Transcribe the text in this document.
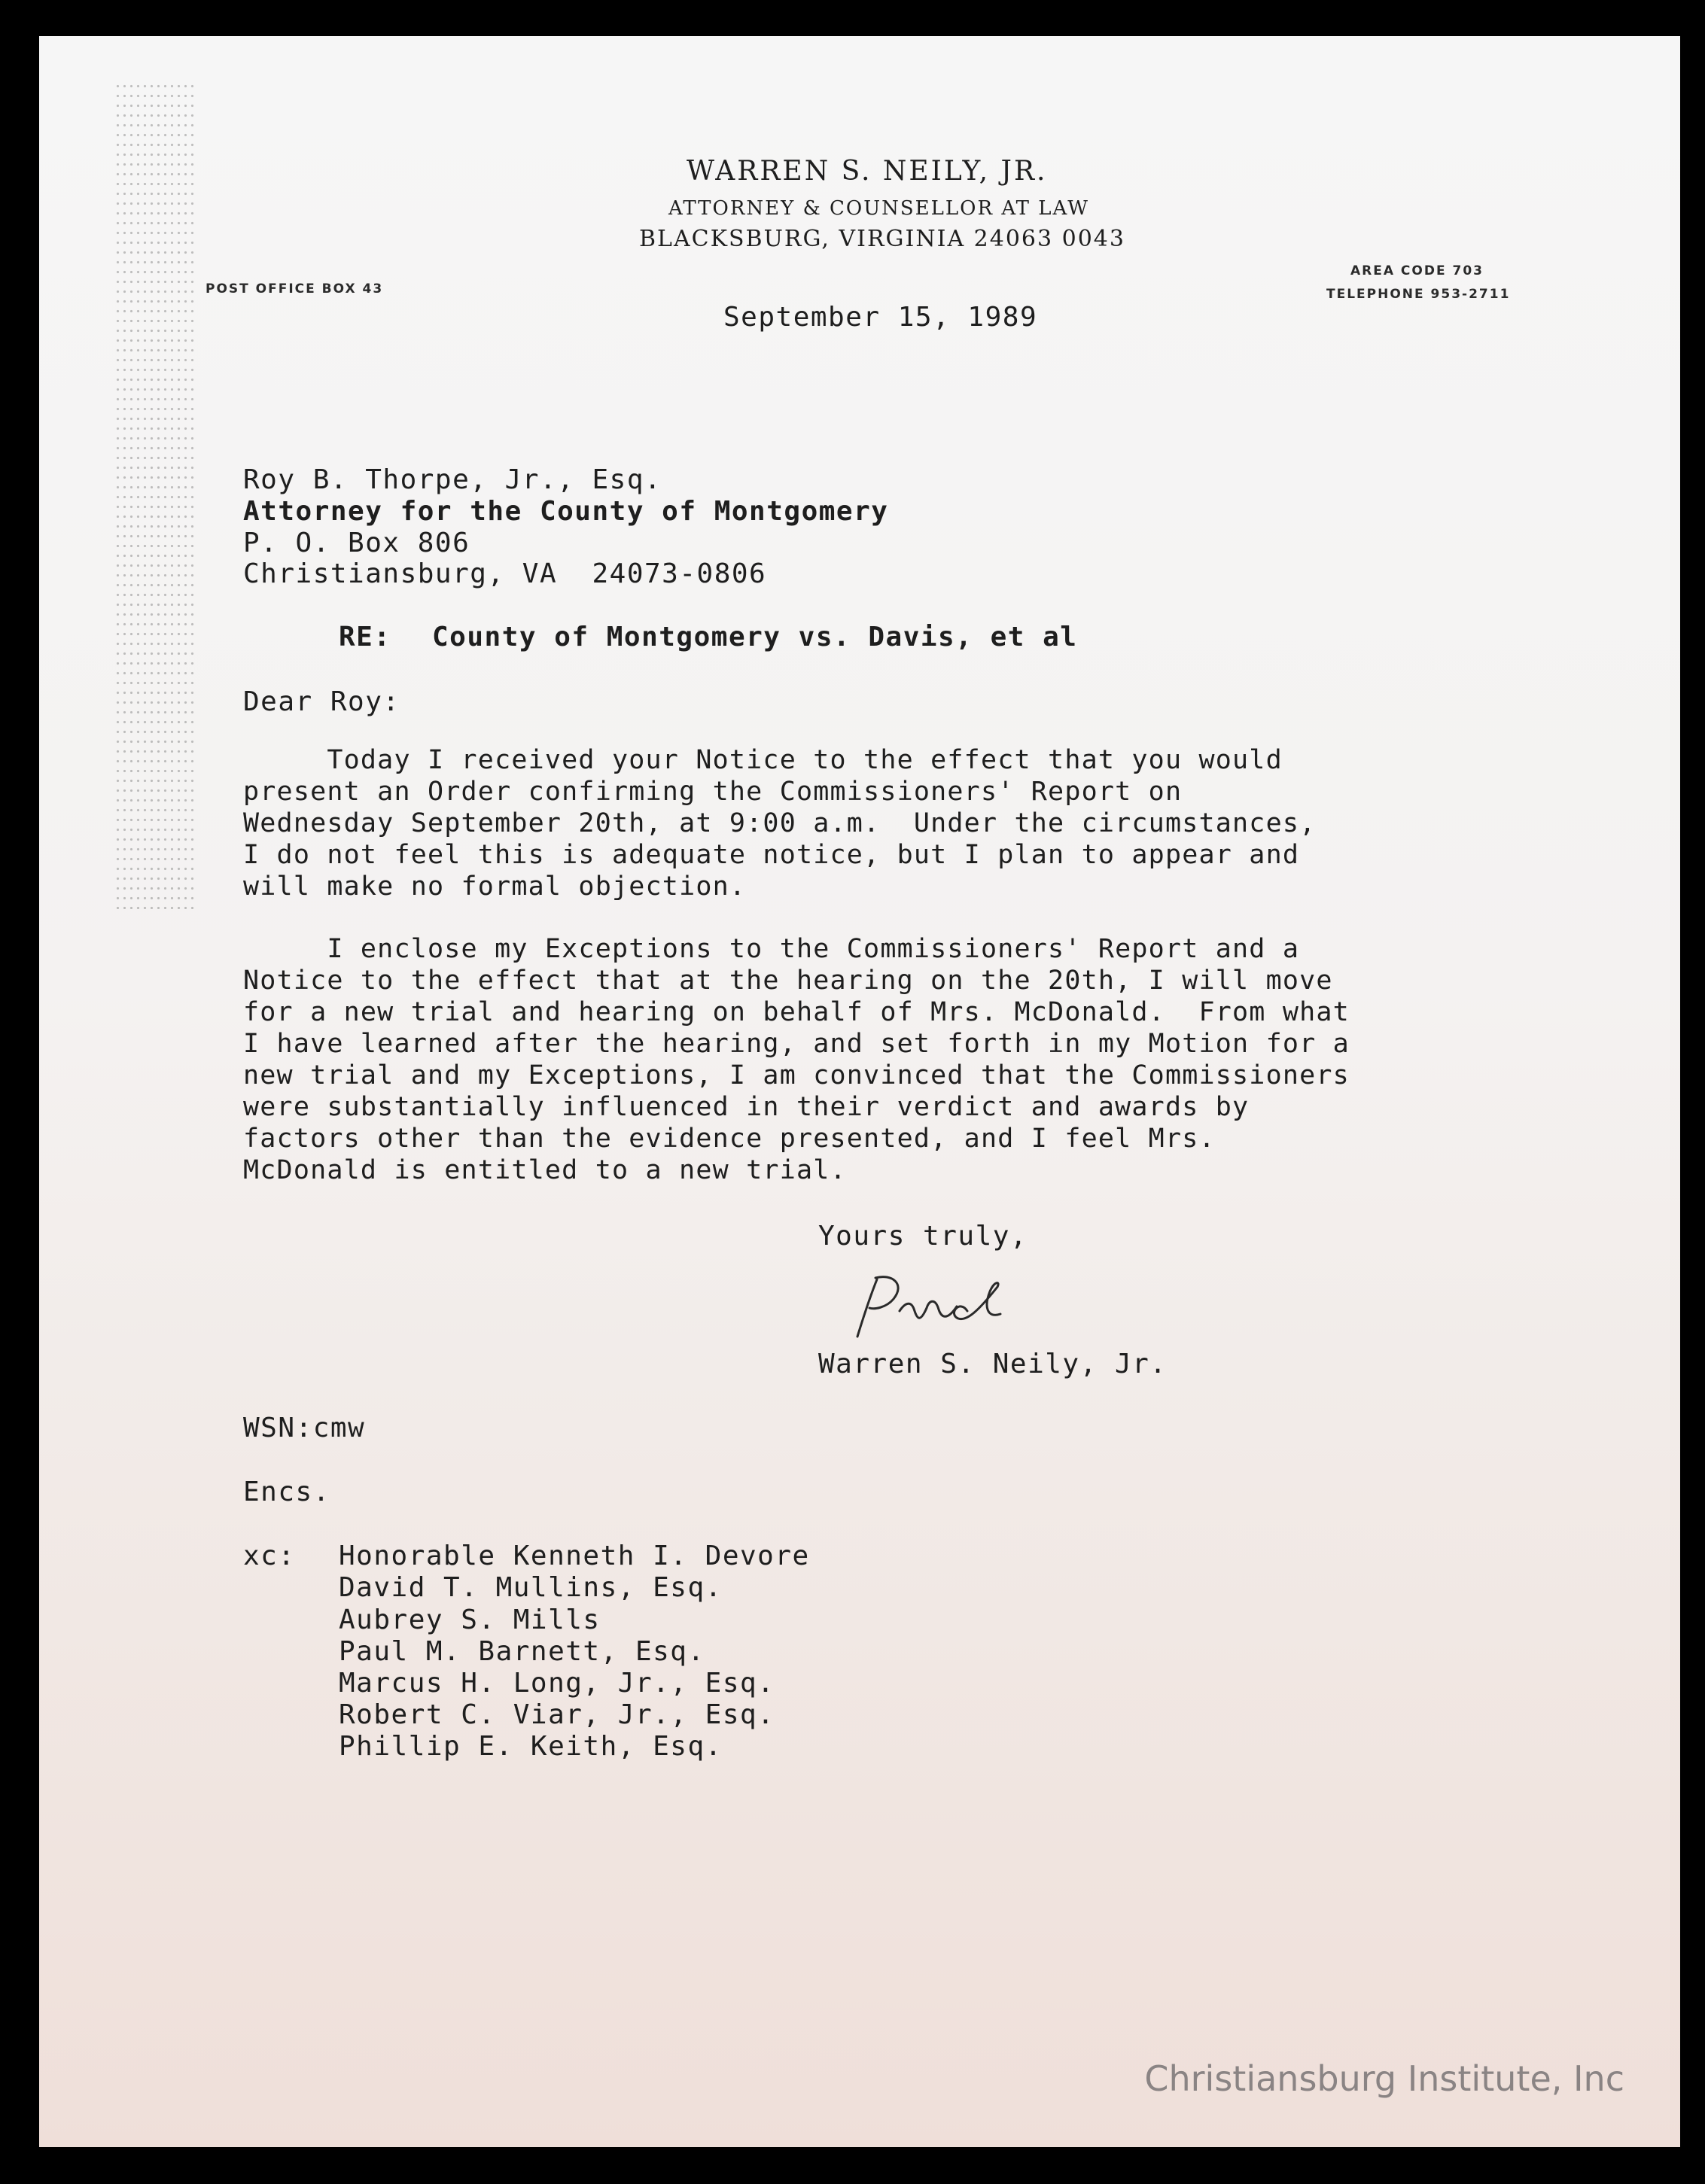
WARREN S. NEILY, JR.
ATTORNEY & COUNSELLOR AT LAW
BLACKSBURG, VIRGINIA 24063 0043
POST OFFICE BOX 43
AREA CODE 703
TELEPHONE 953-2711
September 15, 1989
Roy B. Thorpe, Jr., Esq.
Attorney for the County of Montgomery
P. O. Box 806
Christiansburg, VA  24073-0806
RE: County of Montgomery vs. Davis, et al
Dear Roy:
Today I received your Notice to the effect that you would
present an Order confirming the Commissioners' Report on
Wednesday September 20th, at 9:00 a.m.  Under the circumstances,
I do not feel this is adequate notice, but I plan to appear and
will make no formal objection.
I enclose my Exceptions to the Commissioners' Report and a
Notice to the effect that at the hearing on the 20th, I will move
for a new trial and hearing on behalf of Mrs. McDonald.  From what
I have learned after the hearing, and set forth in my Motion for a
new trial and my Exceptions, I am convinced that the Commissioners
were substantially influenced in their verdict and awards by
factors other than the evidence presented, and I feel Mrs.
McDonald is entitled to a new trial.
Yours truly,
Warren S. Neily, Jr.
WSN:cmw
Encs.
xc: Honorable Kenneth I. Devore
David T. Mullins, Esq.
Aubrey S. Mills
Paul M. Barnett, Esq.
Marcus H. Long, Jr., Esq.
Robert C. Viar, Jr., Esq.
Phillip E. Keith, Esq.
Christiansburg Institute, Inc
